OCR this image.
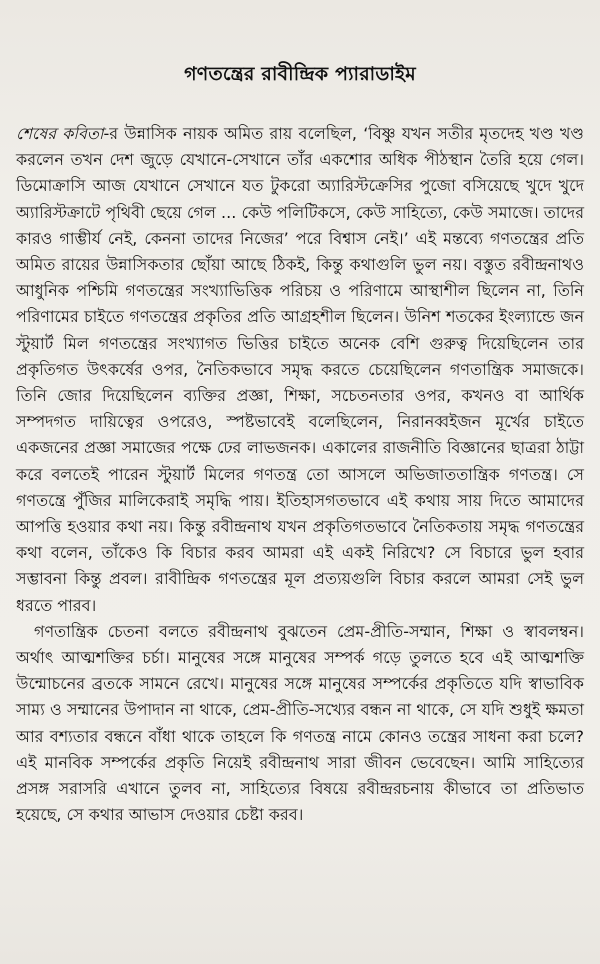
গণতন্ত্রের রাবীন্দ্রিক প্যারাডাইম

শেষের কবিতা-র উন্নাসিক নায়ক অমিত রায় বলেছিল, ‘বিষ্ণু যখন সতীর মৃতদেহ খণ্ড খণ্ড করলেন তখন দেশ জুড়ে যেখানে-সেখানে তাঁর একশোর অধিক পীঠস্থান তৈরি হয়ে গেল। ডিমোক্রাসি আজ যেখানে সেখানে যত টুকরো অ্যারিস্টক্রেসির পুজো বসিয়েছে খুদে খুদে অ্যারিস্টক্রাটে পৃথিবী ছেয়ে গেল ... কেউ পলিটিকসে, কেউ সাহিত্যে, কেউ সমাজে। তাদের কারও গাম্ভীর্য নেই, কেননা তাদের নিজের’ পরে বিশ্বাস নেই।’ এই মন্তব্যে গণতন্ত্রের প্রতি অমিত রায়ের উন্নাসিকতার ছোঁয়া আছে ঠিকই, কিন্তু কথাগুলি ভুল নয়। বস্তুত রবীন্দ্রনাথও আধুনিক পশ্চিমি গণতন্ত্রের সংখ্যাভিত্তিক পরিচয় ও পরিণামে আস্থাশীল ছিলেন না, তিনি পরিণামের চাইতে গণতন্ত্রের প্রকৃতির প্রতি আগ্রহশীল ছিলেন। উনিশ শতকের ইংল্যান্ডে জন স্টুয়ার্ট মিল গণতন্ত্রের সংখ্যাগত ভিত্তির চাইতে অনেক বেশি গুরুত্ব দিয়েছিলেন তার প্রকৃতিগত উৎকর্ষের ওপর, নৈতিকভাবে সমৃদ্ধ করতে চেয়েছিলেন গণতান্ত্রিক সমাজকে। তিনি জোর দিয়েছিলেন ব্যক্তির প্রজ্ঞা, শিক্ষা, সচেতনতার ওপর, কখনও বা আর্থিক সম্পদগত দায়িত্বের ওপরেও, স্পষ্টভাবেই বলেছিলেন, নিরানব্বইজন মূর্খের চাইতে একজনের প্রজ্ঞা সমাজের পক্ষে ঢের লাভজনক। একালের রাজনীতি বিজ্ঞানের ছাত্ররা ঠাট্টা করে বলতেই পারেন স্টুয়ার্ট মিলের গণতন্ত্র তো আসলে অভিজাততান্ত্রিক গণতন্ত্র। সে গণতন্ত্রে পুঁজির মালিকেরাই সমৃদ্ধি পায়। ইতিহাসগতভাবে এই কথায় সায় দিতে আমাদের আপত্তি হওয়ার কথা নয়। কিন্তু রবীন্দ্রনাথ যখন প্রকৃতিগতভাবে নৈতিকতায় সমৃদ্ধ গণতন্ত্রের কথা বলেন, তাঁকেও কি বিচার করব আমরা এই একই নিরিখে? সে বিচারে ভুল হবার সম্ভাবনা কিন্তু প্রবল। রাবীন্দ্রিক গণতন্ত্রের মূল প্রত্যয়গুলি বিচার করলে আমরা সেই ভুল ধরতে পারব।

গণতান্ত্রিক চেতনা বলতে রবীন্দ্রনাথ বুঝতেন প্রেম-প্রীতি-সম্মান, শিক্ষা ও স্বাবলম্বন। অর্থাৎ আত্মশক্তির চর্চা। মানুষের সঙ্গে মানুষের সম্পর্ক গড়ে তুলতে হবে এই আত্মশক্তি উন্মোচনের ব্রতকে সামনে রেখে। মানুষের সঙ্গে মানুষের সম্পর্কের প্রকৃতিতে যদি স্বাভাবিক সাম্য ও সম্মানের উপাদান না থাকে, প্রেম-প্রীতি-সখ্যের বন্ধন না থাকে, সে যদি শুধুই ক্ষমতা আর বশ্যতার বন্ধনে বাঁধা থাকে তাহলে কি গণতন্ত্র নামে কোনও তন্ত্রের সাধনা করা চলে? এই মানবিক সম্পর্কের প্রকৃতি নিয়েই রবীন্দ্রনাথ সারা জীবন ভেবেছেন। আমি সাহিত্যের প্রসঙ্গ সরাসরি এখানে তুলব না, সাহিত্যের বিষয়ে রবীন্দ্ররচনায় কীভাবে তা প্রতিভাত হয়েছে, সে কথার আভাস দেওয়ার চেষ্টা করব।
